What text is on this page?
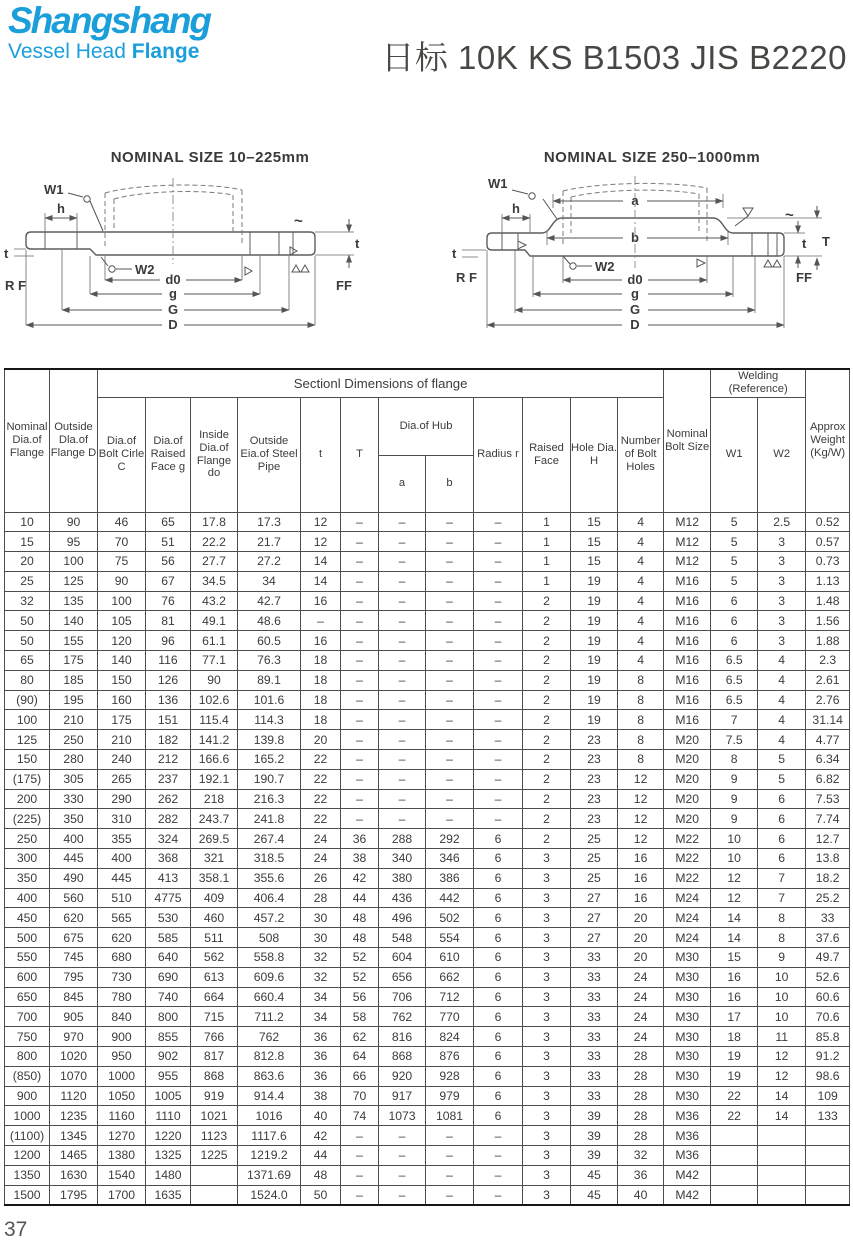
Shangshang
Vessel Head Flange	日标 10K KS B1503 JIS B2220
NOMINAL SIZE 10–225mm	NOMINAL SIZE 250–1000mm
W1
h
t
W2
d0
g
G
D
R F	FF
t
~
W1
h
a
b
t
W2
d0
g
G
D
R F	FF
t T
~
Nominal Dia.of Flange	Outside Dla.of Flange D	Sectionl Dimensions of flange												Nominal Bolt Size	Welding (Reference)		Approx Weight (Kg/W)
		Dia.of Bolt Cirle C	Dia.of Raised Face g	Inside Dia.of Flange do	Outside Eia.of Steel Pipe	t	T	Dia.of Hub		Radius r	Raised Face	Hole Dia. H	Number of Bolt Holes		W1	W2	
								a	b								
10	90	46	65	17.8	17.3	12	–	–	–	–	1	15	4	M12	5	2.5	0.52
15	95	70	51	22.2	21.7	12	–	–	–	–	1	15	4	M12	5	3	0.57
20	100	75	56	27.7	27.2	14	–	–	–	–	1	15	4	M12	5	3	0.73
25	125	90	67	34.5	34	14	–	–	–	–	1	19	4	M16	5	3	1.13
32	135	100	76	43.2	42.7	16	–	–	–	–	2	19	4	M16	6	3	1.48
50	140	105	81	49.1	48.6	–	–	–	–	–	2	19	4	M16	6	3	1.56
50	155	120	96	61.1	60.5	16	–	–	–	–	2	19	4	M16	6	3	1.88
65	175	140	116	77.1	76.3	18	–	–	–	–	2	19	4	M16	6.5	4	2.3
80	185	150	126	90	89.1	18	–	–	–	–	2	19	8	M16	6.5	4	2.61
(90)	195	160	136	102.6	101.6	18	–	–	–	–	2	19	8	M16	6.5	4	2.76
100	210	175	151	115.4	114.3	18	–	–	–	–	2	19	8	M16	7	4	31.14
125	250	210	182	141.2	139.8	20	–	–	–	–	2	23	8	M20	7.5	4	4.77
150	280	240	212	166.6	165.2	22	–	–	–	–	2	23	8	M20	8	5	6.34
(175)	305	265	237	192.1	190.7	22	–	–	–	–	2	23	12	M20	9	5	6.82
200	330	290	262	218	216.3	22	–	–	–	–	2	23	12	M20	9	6	7.53
(225)	350	310	282	243.7	241.8	22	–	–	–	–	2	23	12	M20	9	6	7.74
250	400	355	324	269.5	267.4	24	36	288	292	6	2	25	12	M22	10	6	12.7
300	445	400	368	321	318.5	24	38	340	346	6	3	25	16	M22	10	6	13.8
350	490	445	413	358.1	355.6	26	42	380	386	6	3	25	16	M22	12	7	18.2
400	560	510	4775	409	406.4	28	44	436	442	6	3	27	16	M24	12	7	25.2
450	620	565	530	460	457.2	30	48	496	502	6	3	27	20	M24	14	8	33
500	675	620	585	511	508	30	48	548	554	6	3	27	20	M24	14	8	37.6
550	745	680	640	562	558.8	32	52	604	610	6	3	33	20	M30	15	9	49.7
600	795	730	690	613	609.6	32	52	656	662	6	3	33	24	M30	16	10	52.6
650	845	780	740	664	660.4	34	56	706	712	6	3	33	24	M30	16	10	60.6
700	905	840	800	715	711.2	34	58	762	770	6	3	33	24	M30	17	10	70.6
750	970	900	855	766	762	36	62	816	824	6	3	33	24	M30	18	11	85.8
800	1020	950	902	817	812.8	36	64	868	876	6	3	33	28	M30	19	12	91.2
(850)	1070	1000	955	868	863.6	36	66	920	928	6	3	33	28	M30	19	12	98.6
900	1120	1050	1005	919	914.4	38	70	917	979	6	3	33	28	M30	22	14	109
1000	1235	1160	1110	1021	1016	40	74	1073	1081	6	3	39	28	M36	22	14	133
(1100)	1345	1270	1220	1123	1117.6	42	–	–	–	–	3	39	28	M36			
1200	1465	1380	1325	1225	1219.2	44	–	–	–	–	3	39	32	M36			
1350	1630	1540	1480		1371.69	48	–	–	–	–	3	45	36	M42			
1500	1795	1700	1635		1524.0	50	–	–	–	–	3	45	40	M42			
37
